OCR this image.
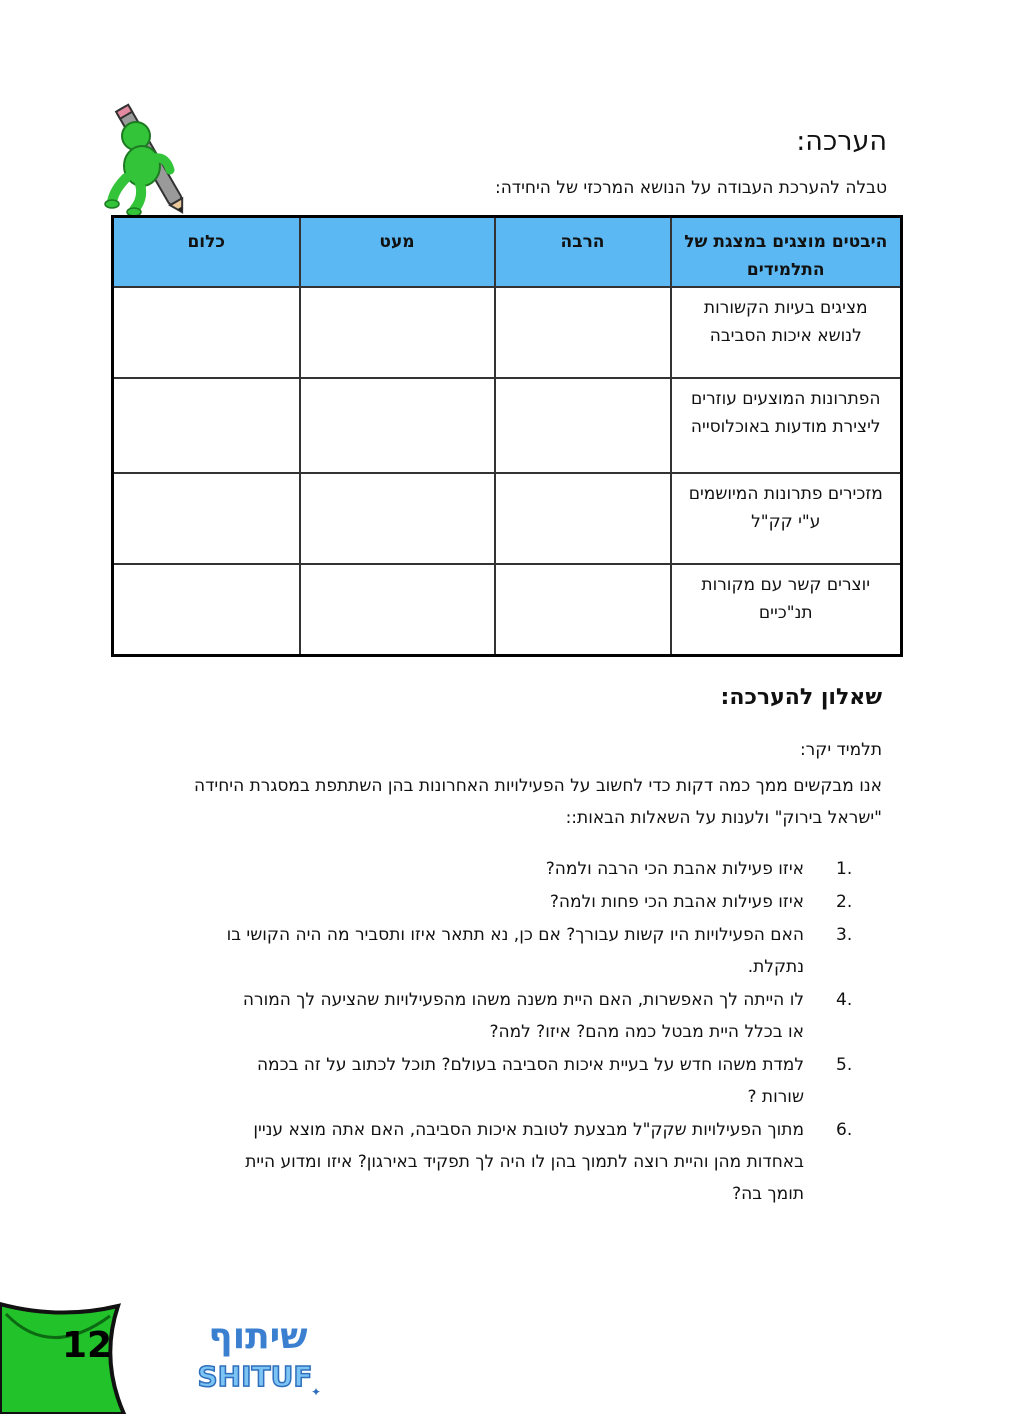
הערכה:
טבלה להערכת העבודה על הנושא המרכזי של היחידה:
היבטים מוצגים במצגת של התלמידים	הרבה	מעט	כלום
מציגים בעיות הקשורות לנושא איכות הסביבה			
הפתרונות המוצעים עוזרים ליצירת מודעות באוכלוסייה			
מזכירים פתרונות המיושמים ע"י קק"ל			
יוצרים קשר עם מקורות תנ"כיים			
שאלון להערכה:
תלמיד יקר:
אנו מבקשים ממך כמה דקות כדי לחשוב על הפעילויות האחרונות בהן השתתפת במסגרת היחידה "ישראל בירוק" ולענות על השאלות הבאות::
1.
איזו פעילות אהבת הכי הרבה ולמה?
2.
איזו פעילות אהבת הכי פחות ולמה?
3.
האם הפעילויות היו קשות עבורך? אם כן, נא תתאר איזו ותסביר מה היה הקושי בו נתקלת.
4.
לו הייתה לך האפשרות, האם היית משנה משהו מהפעילויות שהציעה לך המורה או בכלל היית מבטל כמה מהם? איזו? למה?
5.
למדת משהו חדש על בעיית איכות הסביבה בעולם? תוכל לכתוב על זה בכמה שורות ?
6.
מתוך הפעילויות שקק"ל מבצעת לטובת איכות הסביבה, האם אתה מוצא עניין באחדות מהן והיית רוצה לתמוך בהן לו היה לך תפקיד באירגון? איזו ומדוע היית תומך בה?
12	שיתוף
SHITUF
✦
